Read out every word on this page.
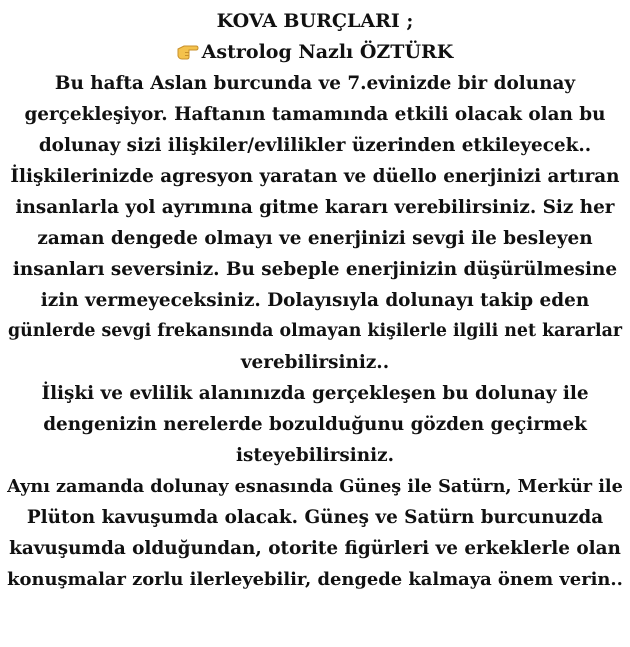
KOVA BURÇLARI ;
Astrolog Nazlı ÖZTÜRK
Bu hafta Aslan burcunda ve 7.evinizde bir dolunay
gerçekleşiyor. Haftanın tamamında etkili olacak olan bu
dolunay sizi ilişkiler/evlilikler üzerinden etkileyecek..
İlişkilerinizde agresyon yaratan ve düello enerjinizi artıran
insanlarla yol ayrımına gitme kararı verebilirsiniz. Siz her
zaman dengede olmayı ve enerjinizi sevgi ile besleyen
insanları seversiniz. Bu sebeple enerjinizin düşürülmesine
izin vermeyeceksiniz. Dolayısıyla dolunayı takip eden
günlerde sevgi frekansında olmayan kişilerle ilgili net kararlar
verebilirsiniz..
İlişki ve evlilik alanınızda gerçekleşen bu dolunay ile
dengenizin nerelerde bozulduğunu gözden geçirmek
isteyebilirsiniz.
Aynı zamanda dolunay esnasında Güneş ile Satürn, Merkür ile
Plüton kavuşumda olacak. Güneş ve Satürn burcunuzda
kavuşumda olduğundan, otorite figürleri ve erkeklerle olan
konuşmalar zorlu ilerleyebilir, dengede kalmaya önem verin..
